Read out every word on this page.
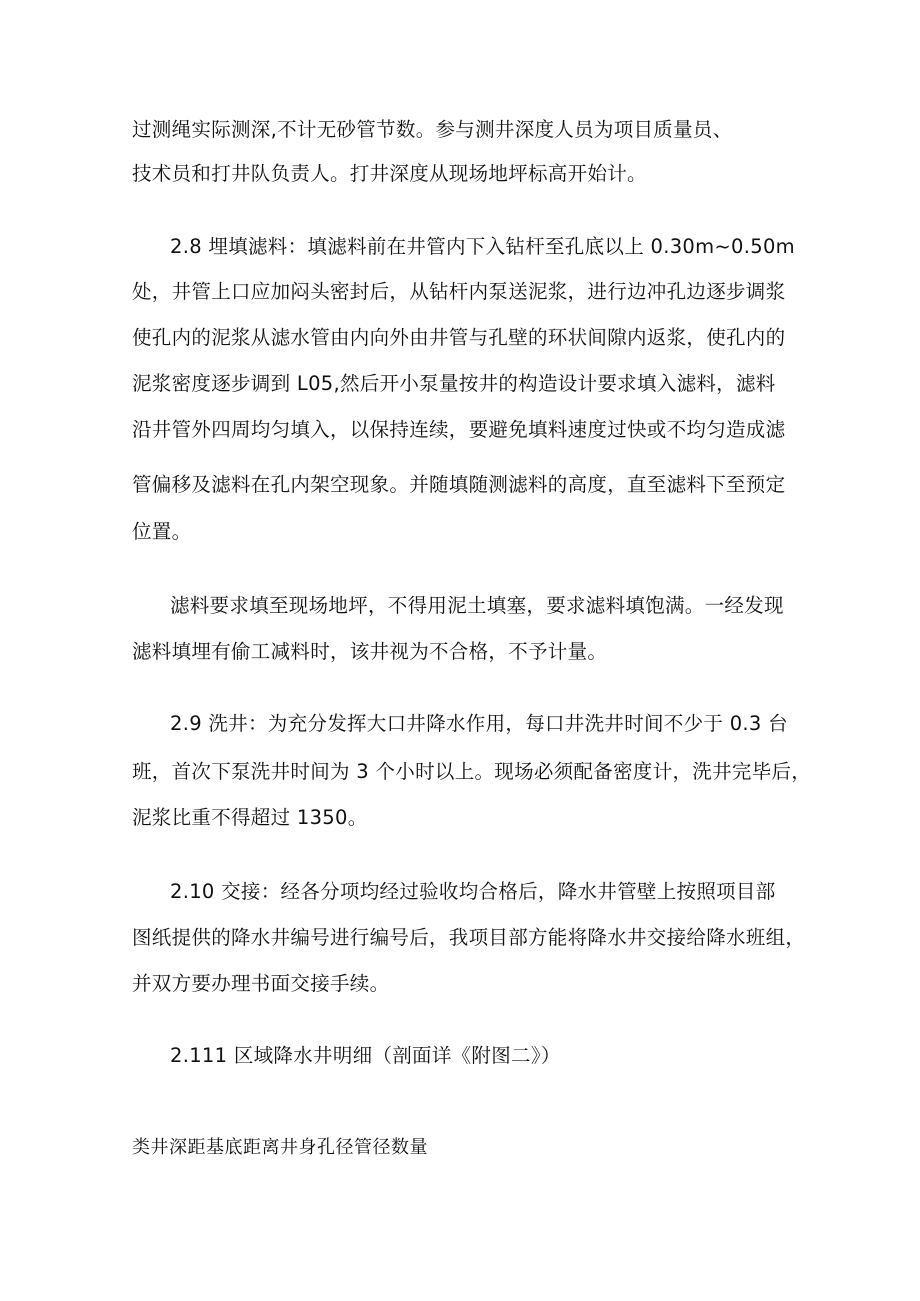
过测绳实际测深,不计无砂管节数。参与测井深度人员为项目质量员、
技术员和打井队负责人。打井深度从现场地坪标高开始计。
2.8 埋填滤料：填滤料前在井管内下入钻杆至孔底以上 0.30m~0.50m
处，井管上口应加闷头密封后，从钻杆内泵送泥浆，进行边冲孔边逐步调浆
使孔内的泥浆从滤水管由内向外由井管与孔壁的环状间隙内返浆，使孔内的
泥浆密度逐步调到 L05,然后开小泵量按井的构造设计要求填入滤料，滤料
沿井管外四周均匀填入，以保持连续，要避免填料速度过快或不均匀造成滤
管偏移及滤料在孔内架空现象。并随填随测滤料的高度，直至滤料下至预定
位置。
滤料要求填至现场地坪，不得用泥土填塞，要求滤料填饱满。一经发现
滤料填埋有偷工减料时，该井视为不合格，不予计量。
2.9 洗井：为充分发挥大口井降水作用，每口井洗井时间不少于 0.3 台
班，首次下泵洗井时间为 3 个小时以上。现场必须配备密度计，洗井完毕后，
泥浆比重不得超过 1350。
2.10 交接：经各分项均经过验收均合格后，降水井管壁上按照项目部
图纸提供的降水井编号进行编号后，我项目部方能将降水井交接给降水班组，
并双方要办理书面交接手续。
2.111 区域降水井明细（剖面详《附图二》）
类井深距基底距离井身孔径管径数量
